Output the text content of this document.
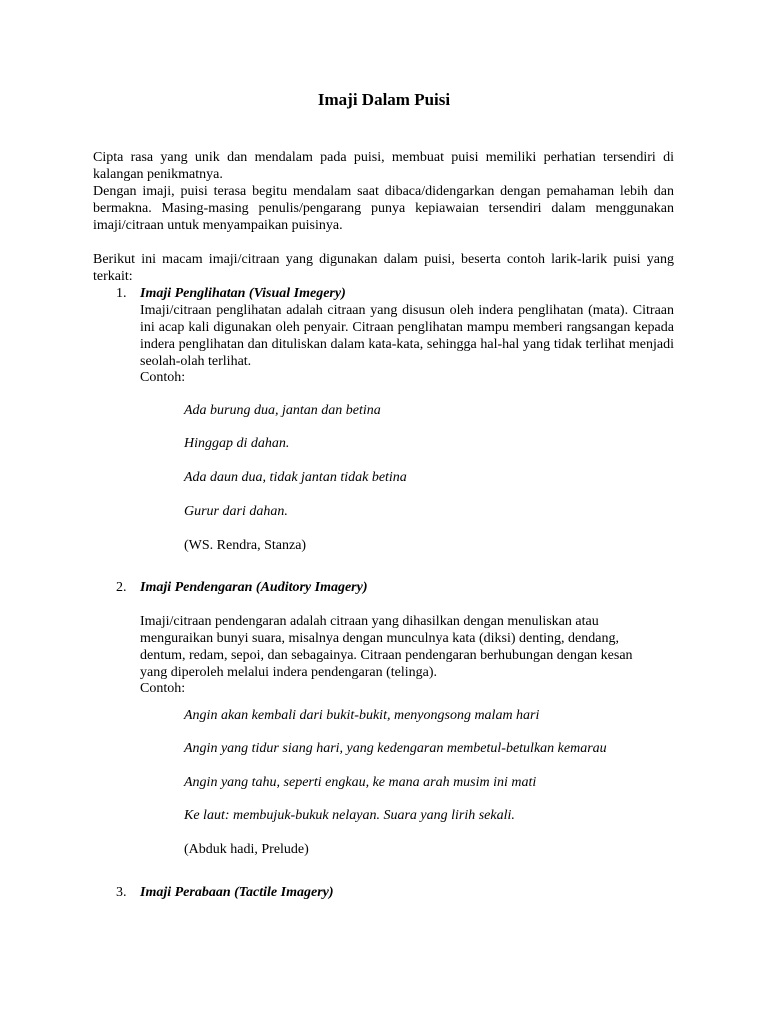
Imaji Dalam Puisi

Cipta rasa yang unik dan mendalam pada puisi, membuat puisi memiliki perhatian tersendiri di kalangan penikmatnya.

Dengan imaji, puisi terasa begitu mendalam saat dibaca/didengarkan dengan pemahaman lebih dan bermakna. Masing-masing penulis/pengarang punya kepiawaian tersendiri dalam menggunakan imaji/citraan untuk menyampaikan puisinya.

Berikut ini macam imaji/citraan yang digunakan dalam puisi, beserta contoh larik-larik puisi yang terkait:

1. Imaji Penglihatan (Visual Imegery)

Imaji/citraan penglihatan adalah citraan yang disusun oleh indera penglihatan (mata). Citraan ini acap kali digunakan oleh penyair. Citraan penglihatan mampu memberi rangsangan kepada indera penglihatan dan dituliskan dalam kata-kata, sehingga hal-hal yang tidak terlihat menjadi seolah-olah terlihat.

Contoh:
Ada burung dua, jantan dan betina
Hinggap di dahan.
Ada daun dua, tidak jantan tidak betina
Gurur dari dahan.
(WS. Rendra, Stanza)
2. Imaji Pendengaran (Auditory Imagery)

Imaji/citraan pendengaran adalah citraan yang dihasilkan dengan menuliskan atau menguraikan bunyi suara, misalnya dengan munculnya kata (diksi) denting, dendang, dentum, redam, sepoi, dan sebagainya. Citraan pendengaran berhubungan dengan kesan yang diperoleh melalui indera pendengaran (telinga).

Contoh:
Angin akan kembali dari bukit-bukit, menyongsong malam hari
Angin yang tidur siang hari, yang kedengaran membetul-betulkan kemarau
Angin yang tahu, seperti engkau, ke mana arah musim ini mati
Ke laut: membujuk-bukuk nelayan. Suara yang lirih sekali.
(Abduk hadi, Prelude)
3. Imaji Perabaan (Tactile Imagery)
